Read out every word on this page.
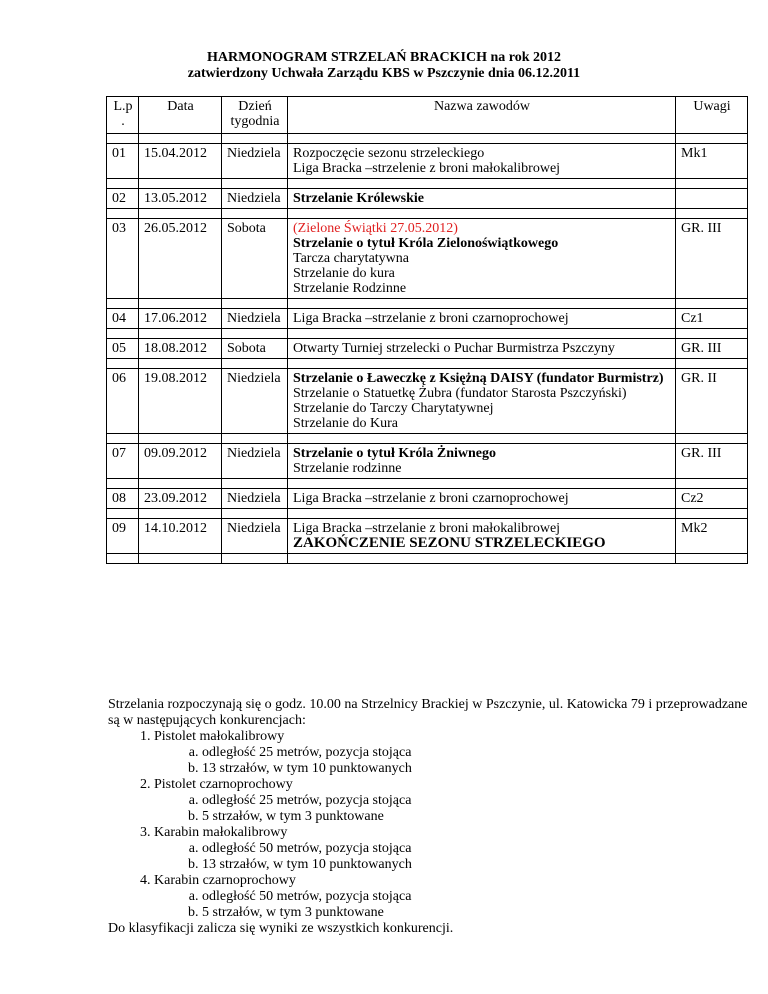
HARMONOGRAM STRZELAŃ BRACKICH na rok 2012
zatwierdzony Uchwała Zarządu KBS w Pszczynie dnia 06.12.2011
L.p .	Data	Dzień tygodnia	Nazwa zawodów	Uwagi

01	15.04.2012	Niedziela	Rozpoczęcie sezonu strzeleckiego
Liga Bracka –strzelenie z broni małokalibrowej	Mk1

02	13.05.2012	Niedziela	Strzelanie Królewskie	

03	26.05.2012	Sobota	(Zielone Świątki 27.05.2012)
Strzelanie o tytuł Króla Zielonoświątkowego
Tarcza charytatywna
Strzelanie do kura
Strzelanie Rodzinne	GR. III

04	17.06.2012	Niedziela	Liga Bracka –strzelanie z broni czarnoprochowej	Cz1

05	18.08.2012	Sobota	Otwarty Turniej strzelecki o Puchar Burmistrza Pszczyny	GR. III

06	19.08.2012	Niedziela	Strzelanie o Ławeczkę z Księżną DAISY (fundator Burmistrz)
Strzelanie o Statuetkę Żubra (fundator Starosta Pszczyński)
Strzelanie do Tarczy Charytatywnej
Strzelanie do Kura	GR. II

07	09.09.2012	Niedziela	Strzelanie o tytuł Króla Żniwnego
Strzelanie rodzinne	GR. III

08	23.09.2012	Niedziela	Liga Bracka –strzelanie z broni czarnoprochowej	Cz2

09	14.10.2012	Niedziela	Liga Bracka –strzelanie z broni małokalibrowej
ZAKOŃCZENIE SEZONU STRZELECKIEGO	Mk2

Strzelania rozpoczynają się o godz. 10.00 na Strzelnicy Brackiej w Pszczynie, ul. Katowicka 79 i przeprowadzane są w następujących konkurencjach:

1. Pistolet małokalibrowy
a. odległość 25 metrów, pozycja stojąca
b. 13 strzałów, w tym 10 punktowanych
2. Pistolet czarnoprochowy
a. odległość 25 metrów, pozycja stojąca
b. 5 strzałów, w tym 3 punktowane
3. Karabin małokalibrowy
a. odległość 50 metrów, pozycja stojąca
b. 13 strzałów, w tym 10 punktowanych
4. Karabin czarnoprochowy
a. odległość 50 metrów, pozycja stojąca
b. 5 strzałów, w tym 3 punktowane

Do klasyfikacji zalicza się wyniki ze wszystkich konkurencji.
